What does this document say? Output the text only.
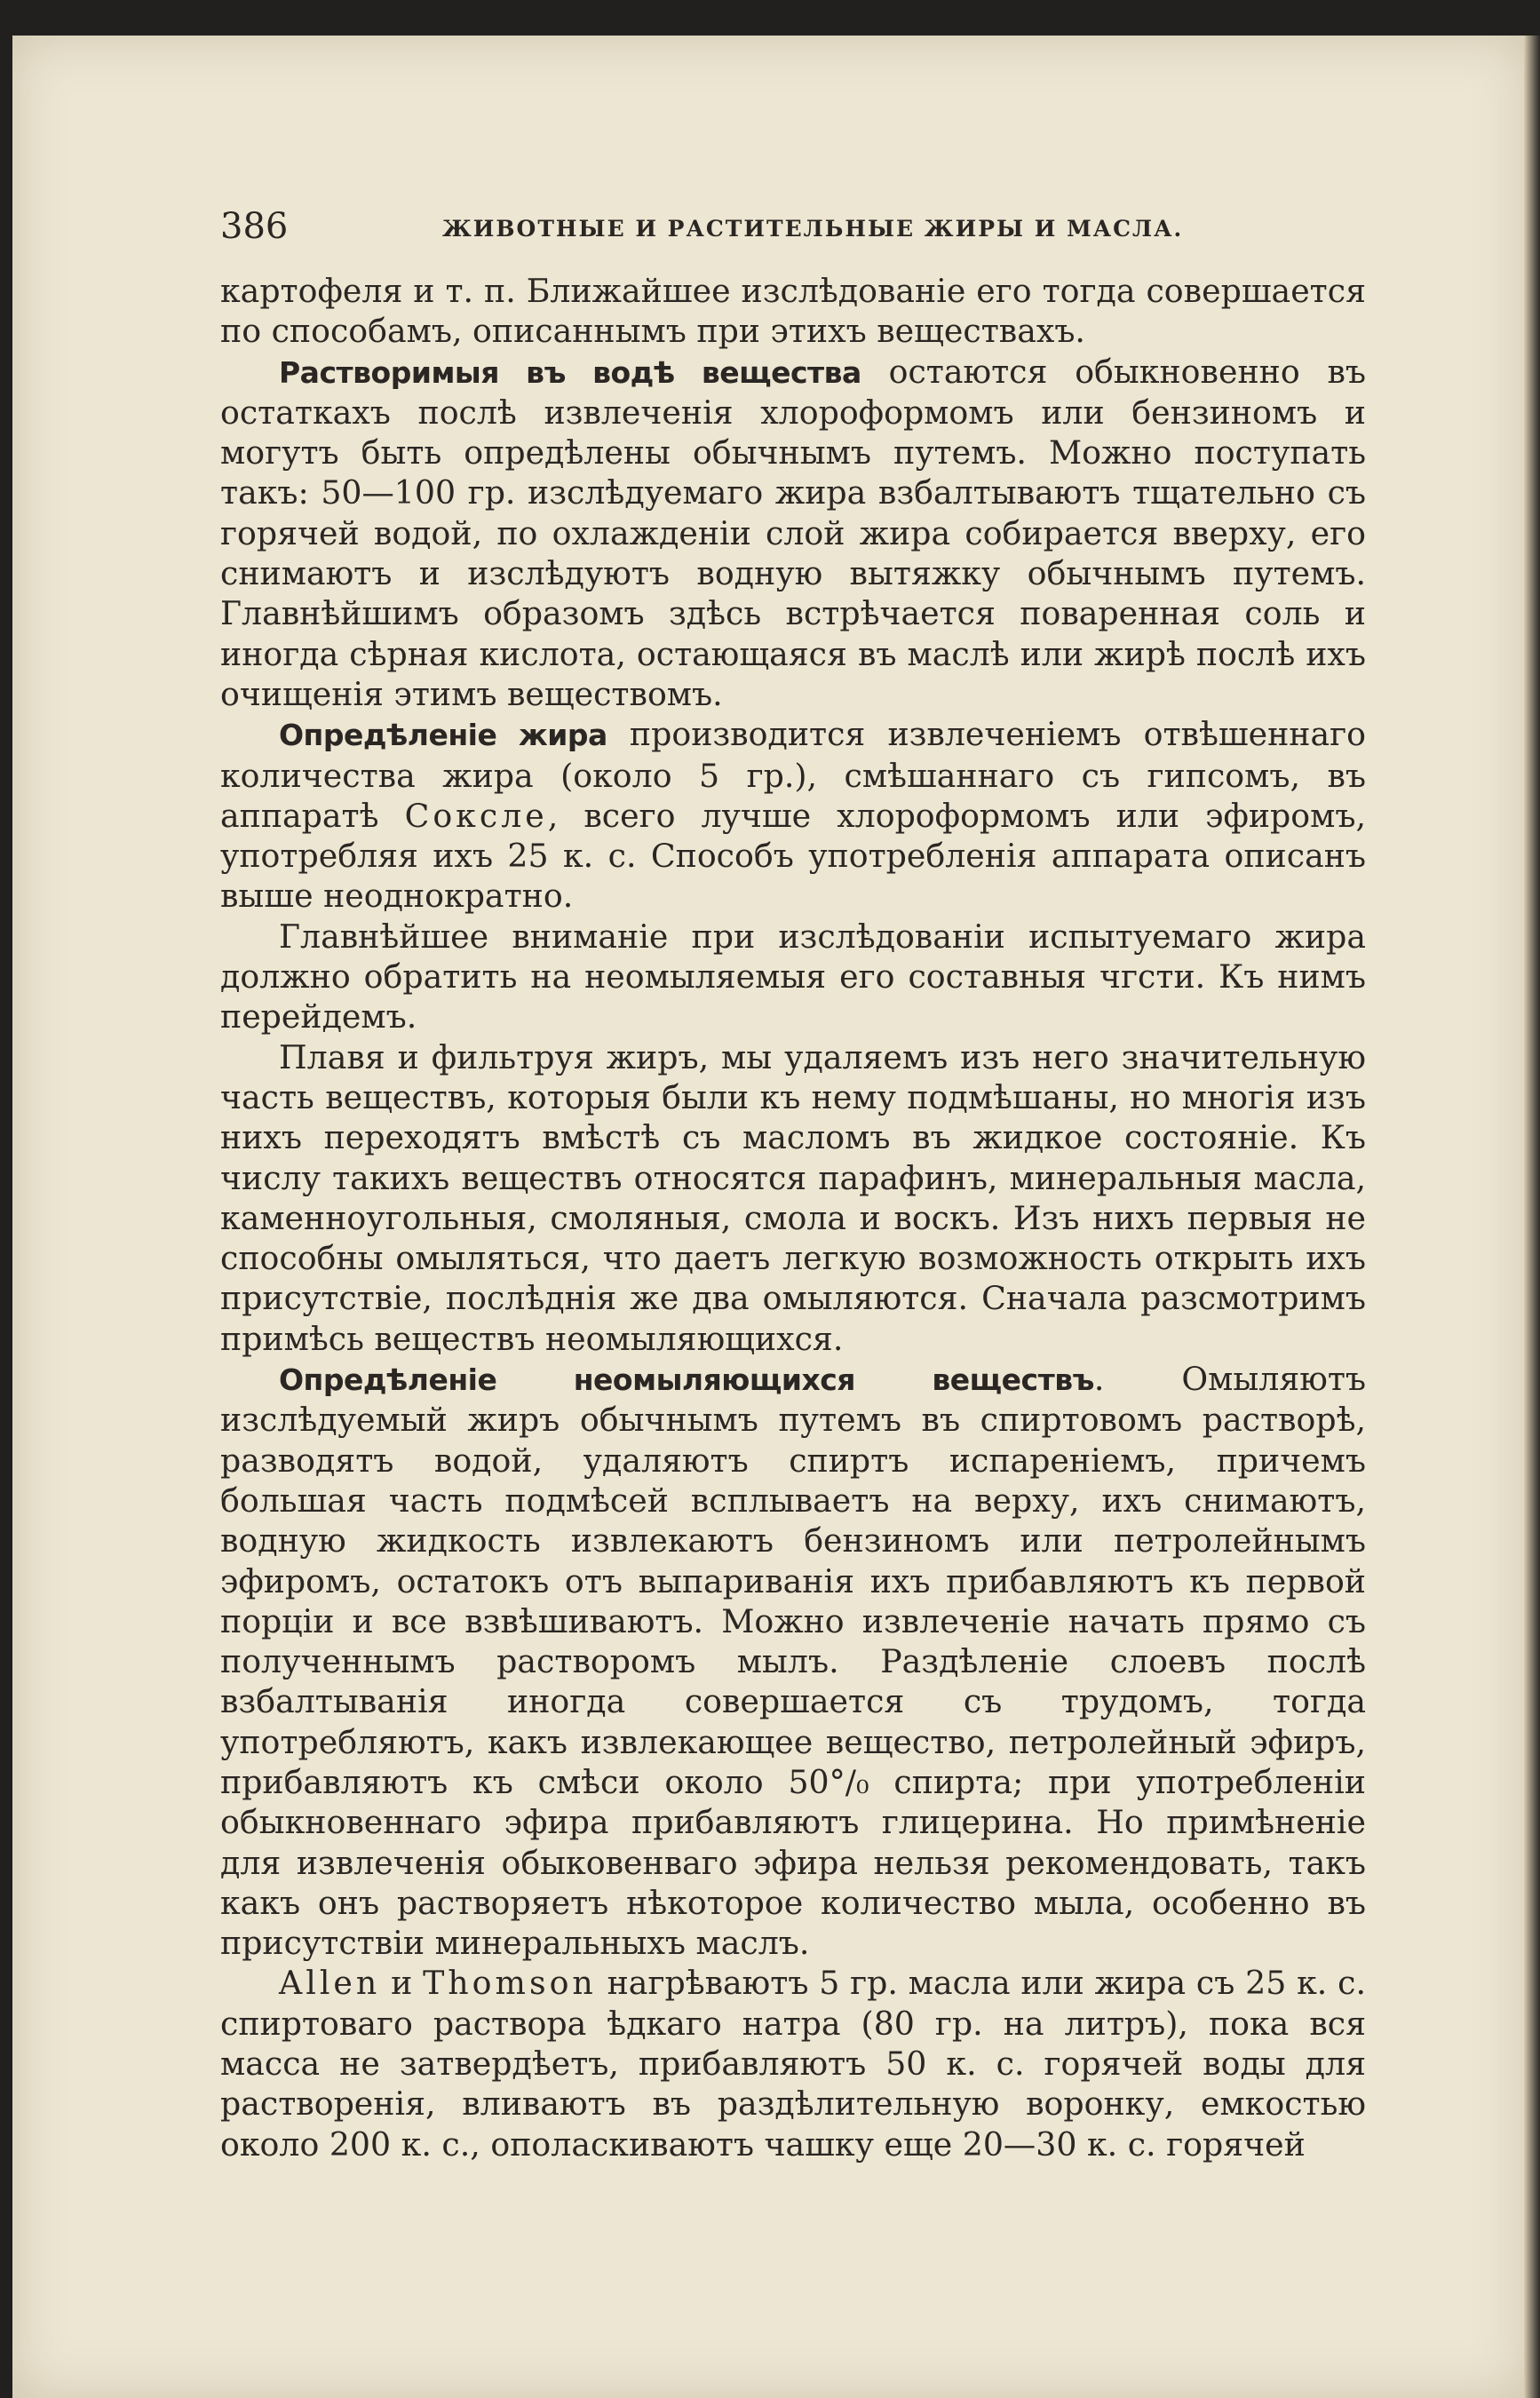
386	ЖИВОТНЫЕ И РАСТИТЕЛЬНЫЕ ЖИРЫ И МАСЛА.

картофеля и т. п. Ближайшее изслѣдованіе его тогда совершается по способамъ, описаннымъ при этихъ веществахъ.

Растворимыя въ водѣ вещества остаются обыкновенно въ остаткахъ послѣ извлеченія хлороформомъ или бензиномъ и могутъ быть опредѣлены обычнымъ путемъ. Можно поступать такъ: 50—100 гр. изслѣдуемаго жира взбалтываютъ тщательно съ горячей водой, по охлажденіи слой жира собирается вверху, его снимаютъ и изслѣдуютъ водную вытяжку обычнымъ путемъ. Главнѣйшимъ образомъ здѣсь встрѣчается поваренная соль и иногда сѣрная кислота, остающаяся въ маслѣ или жирѣ послѣ ихъ очищенія этимъ веществомъ.

Опредѣленіе жира производится извлеченіемъ отвѣшеннаго количества жира (около 5 гр.), смѣшаннаго съ гипсомъ, въ аппаратѣ Сокcле, всего лучше хлороформомъ или эфиромъ, употребляя ихъ 25 к. с. Способъ употребленія аппарата описанъ выше неоднократно.

Главнѣйшее вниманіе при изслѣдованіи испытуемаго жира должно обратить на неомыляемыя его составныя чгсти. Къ нимъ перейдемъ.

Плавя и фильтруя жиръ, мы удаляемъ изъ него значительную часть веществъ, которыя были къ нему подмѣшаны, но многія изъ нихъ переходятъ вмѣстѣ съ масломъ въ жидкое состояніе. Къ числу такихъ веществъ относятся парафинъ, минеральныя масла, каменноугольныя, смоляныя, смола и воскъ. Изъ нихъ первыя не способны омыляться, что даетъ легкую возможность открыть ихъ присутствіе, послѣднія же два омыляются. Сначала разсмотримъ примѣсь веществъ неомыляющихся.

Опредѣленіе неомыляющихся веществъ. Омыляютъ изслѣдуемый жиръ обычнымъ путемъ въ спиртовомъ растворѣ, разводятъ водой, удаляютъ спиртъ испареніемъ, причемъ большая часть подмѣсей всплываетъ на верху, ихъ снимаютъ, водную жидкость извлекаютъ бензиномъ или петролейнымъ эфиромъ, остатокъ отъ выпариванія ихъ прибавляютъ къ первой порціи и все взвѣшиваютъ. Можно извлеченіе начать прямо съ полученнымъ растворомъ мылъ. Раздѣленіе слоевъ послѣ взбалтыванія иногда совершается съ трудомъ, тогда употребляютъ, какъ извлекающее вещество, петролейный эфиръ, прибавляютъ къ смѣси около 50°/₀ спирта; при употребленіи обыкновеннаго эфира прибавляютъ глицерина. Но примѣненіе для извлеченія обыковенваго эфира нельзя рекомендовать, такъ какъ онъ растворяетъ нѣкоторое количество мыла, особенно въ присутствіи минеральныхъ маслъ.

Allen и Thomson нагрѣваютъ 5 гр. масла или жира съ 25 к. с. спиртоваго раствора ѣдкаго натра (80 гр. на литръ), пока вся масса не затвердѣетъ, прибавляютъ 50 к. с. горячей воды для растворенія, вливаютъ въ раздѣлительную воронку, емкостью около 200 к. с., ополаскиваютъ чашку еще 20—30 к. с. горячей
